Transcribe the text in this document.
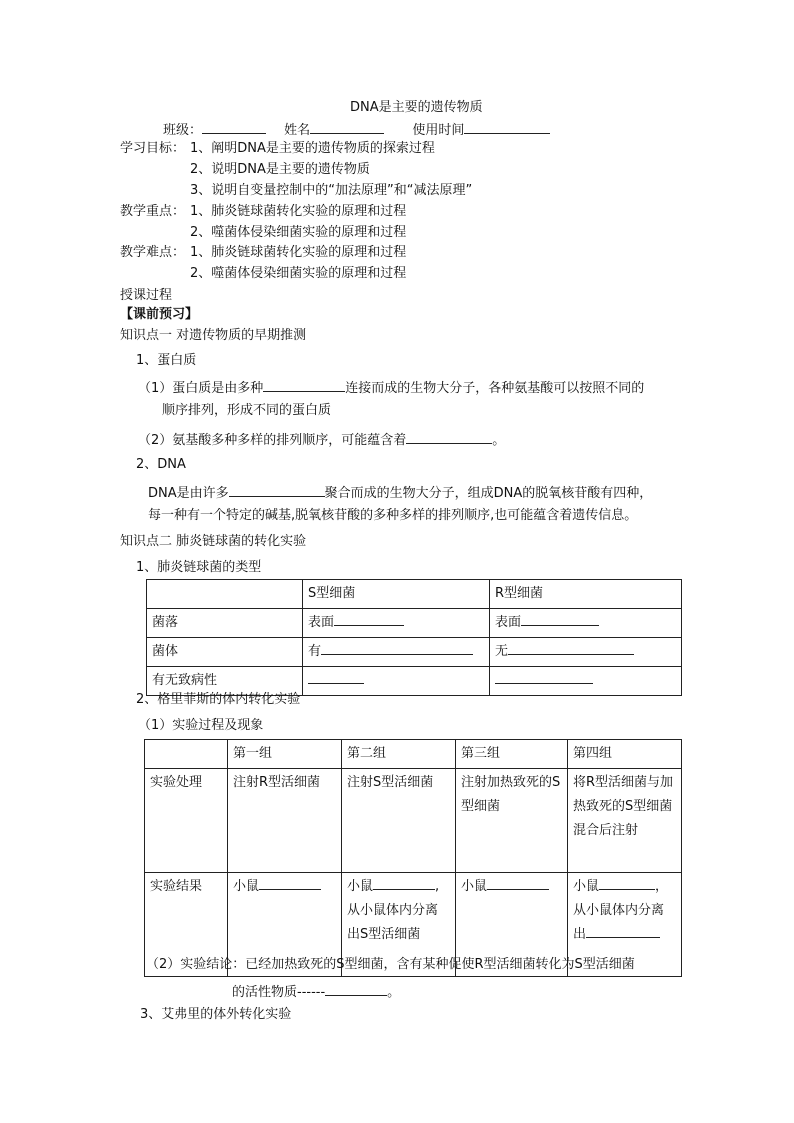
DNA是主要的遗传物质
班级：	姓名	使用时间
学习目标： 1、阐明DNA是主要的遗传物质的探索过程
2、说明DNA是主要的遗传物质
3、说明自变量控制中的“加法原理”和“减法原理”
教学重点： 1、肺炎链球菌转化实验的原理和过程
2、噬菌体侵染细菌实验的原理和过程
教学难点： 1、肺炎链球菌转化实验的原理和过程
2、噬菌体侵染细菌实验的原理和过程
授课过程
【课前预习】
知识点一 对遗传物质的早期推测
1、蛋白质
（1）蛋白质是由多种	连接而成的生物大分子，各种氨基酸可以按照不同的
顺序排列，形成不同的蛋白质
（2）氨基酸多种多样的排列顺序，可能蕴含着	。
2、DNA
DNA是由许多	聚合而成的生物大分子，组成DNA的脱氧核苷酸有四种，
每一种有一个特定的碱基,脱氧核苷酸的多种多样的排列顺序,也可能蕴含着遗传信息。
知识点二 肺炎链球菌的转化实验
1、肺炎链球菌的类型
	S型细菌	R型细菌
菌落	表面	表面
菌体	有	无
有无致病性		
2、格里菲斯的体内转化实验
（1）实验过程及现象
	第一组	第二组	第三组	第四组
实验处理	注射R型活细菌	注射S型活细菌	注射加热致死的S型细菌	将R型活细菌与加热致死的S型细菌混合后注射
实验结果	小鼠	小鼠 ,从小鼠体内分离出S型活细菌	小鼠	小鼠 ，从小鼠体内分离出
（2）实验结论：已经加热致死的S型细菌，含有某种促使R型活细菌转化为S型活细菌
的活性物质------	。
3、艾弗里的体外转化实验
